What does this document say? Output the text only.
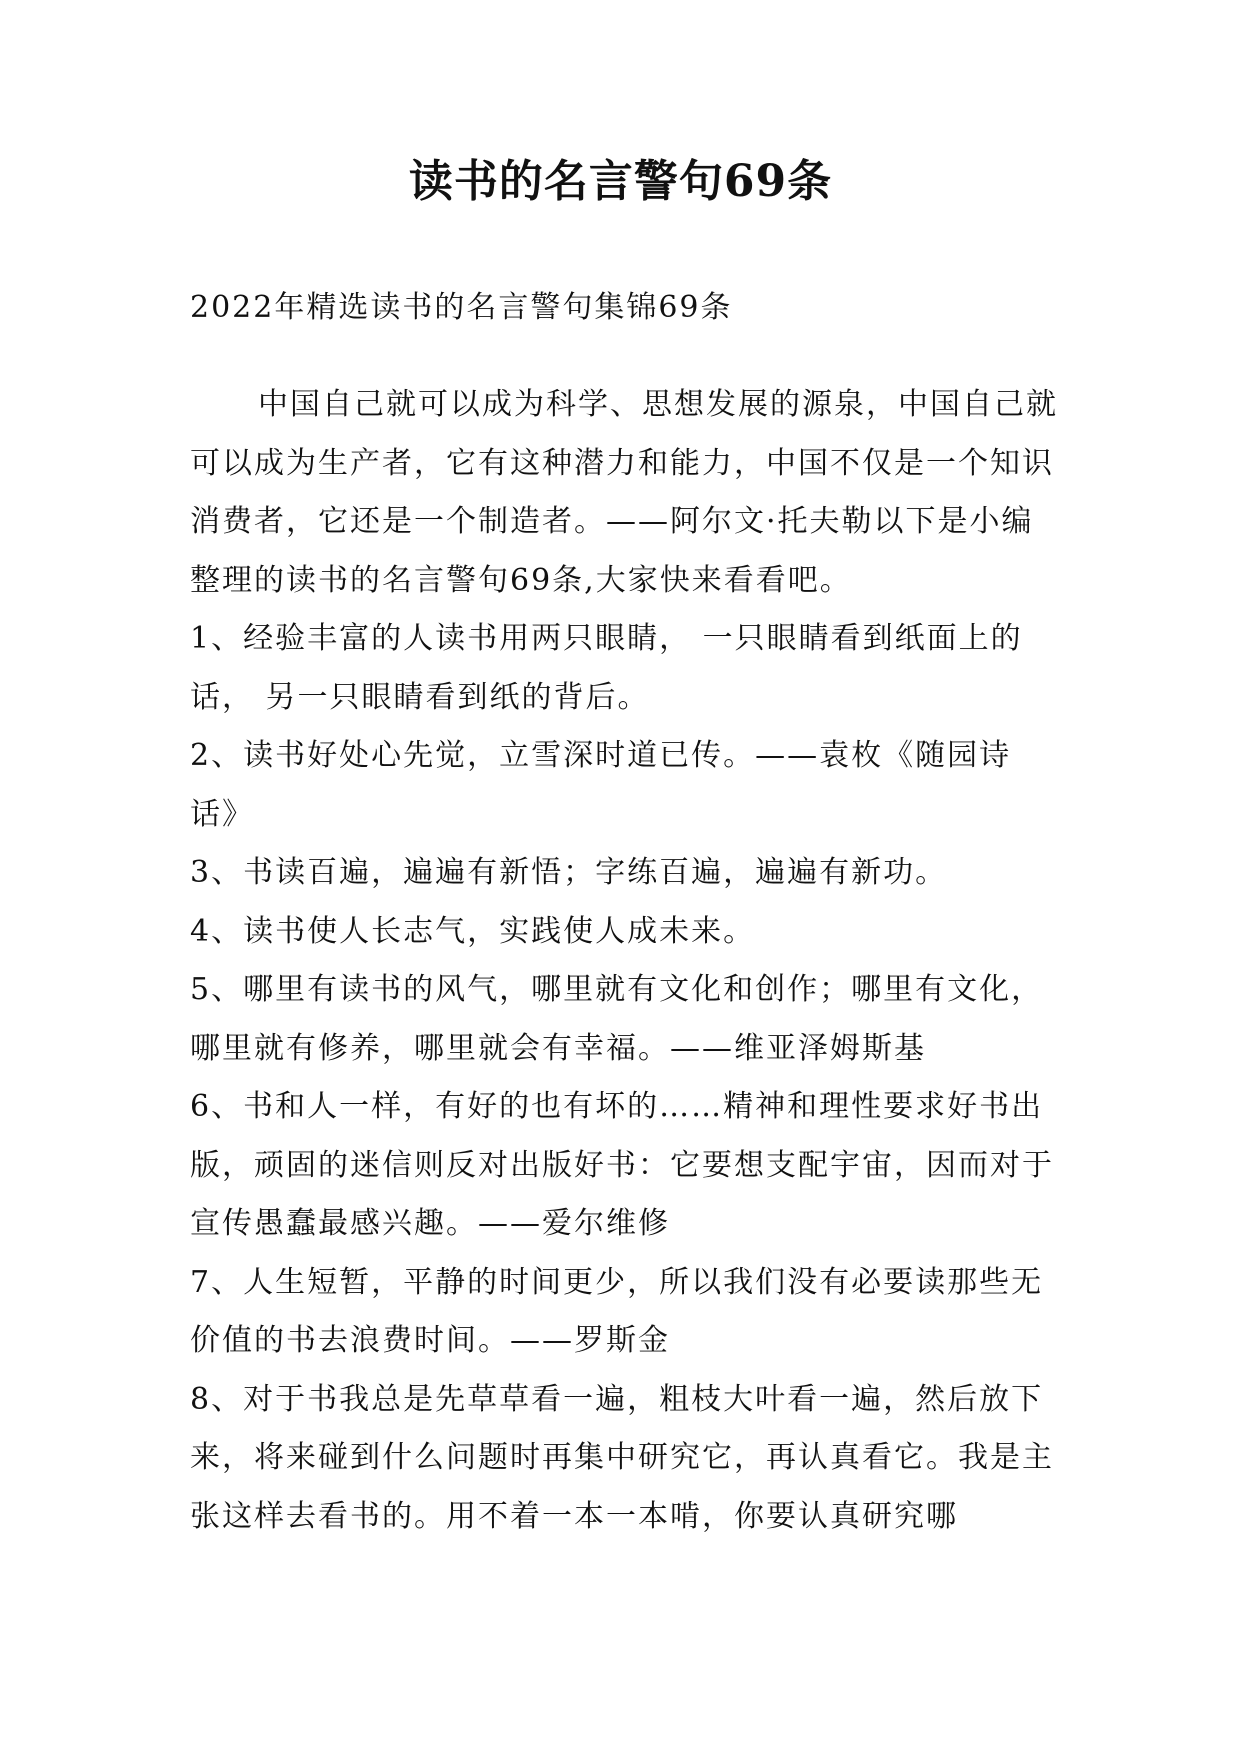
读书的名言警句69条
2022年精选读书的名言警句集锦69条

中国自己就可以成为科学、思想发展的源泉，中国自己就可以成为生产者，它有这种潜力和能力，中国不仅是一个知识消费者，它还是一个制造者。——阿尔文·托夫勒以下是小编整理的读书的名言警句69条,大家快来看看吧。

1、经验丰富的人读书用两只眼睛， 一只眼睛看到纸面上的话， 另一只眼睛看到纸的背后。

2、读书好处心先觉，立雪深时道已传。——袁枚《随园诗话》

3、书读百遍，遍遍有新悟；字练百遍，遍遍有新功。

4、读书使人长志气，实践使人成未来。

5、哪里有读书的风气，哪里就有文化和创作；哪里有文化，哪里就有修养，哪里就会有幸福。——维亚泽姆斯基

6、书和人一样，有好的也有坏的……精神和理性要求好书出版，顽固的迷信则反对出版好书：它要想支配宇宙，因而对于宣传愚蠢最感兴趣。——爱尔维修

7、人生短暂，平静的时间更少，所以我们没有必要读那些无价值的书去浪费时间。——罗斯金

8、对于书我总是先草草看一遍，粗枝大叶看一遍，然后放下来，将来碰到什么问题时再集中研究它，再认真看它。我是主张这样去看书的。用不着一本一本啃，你要认真研究哪
